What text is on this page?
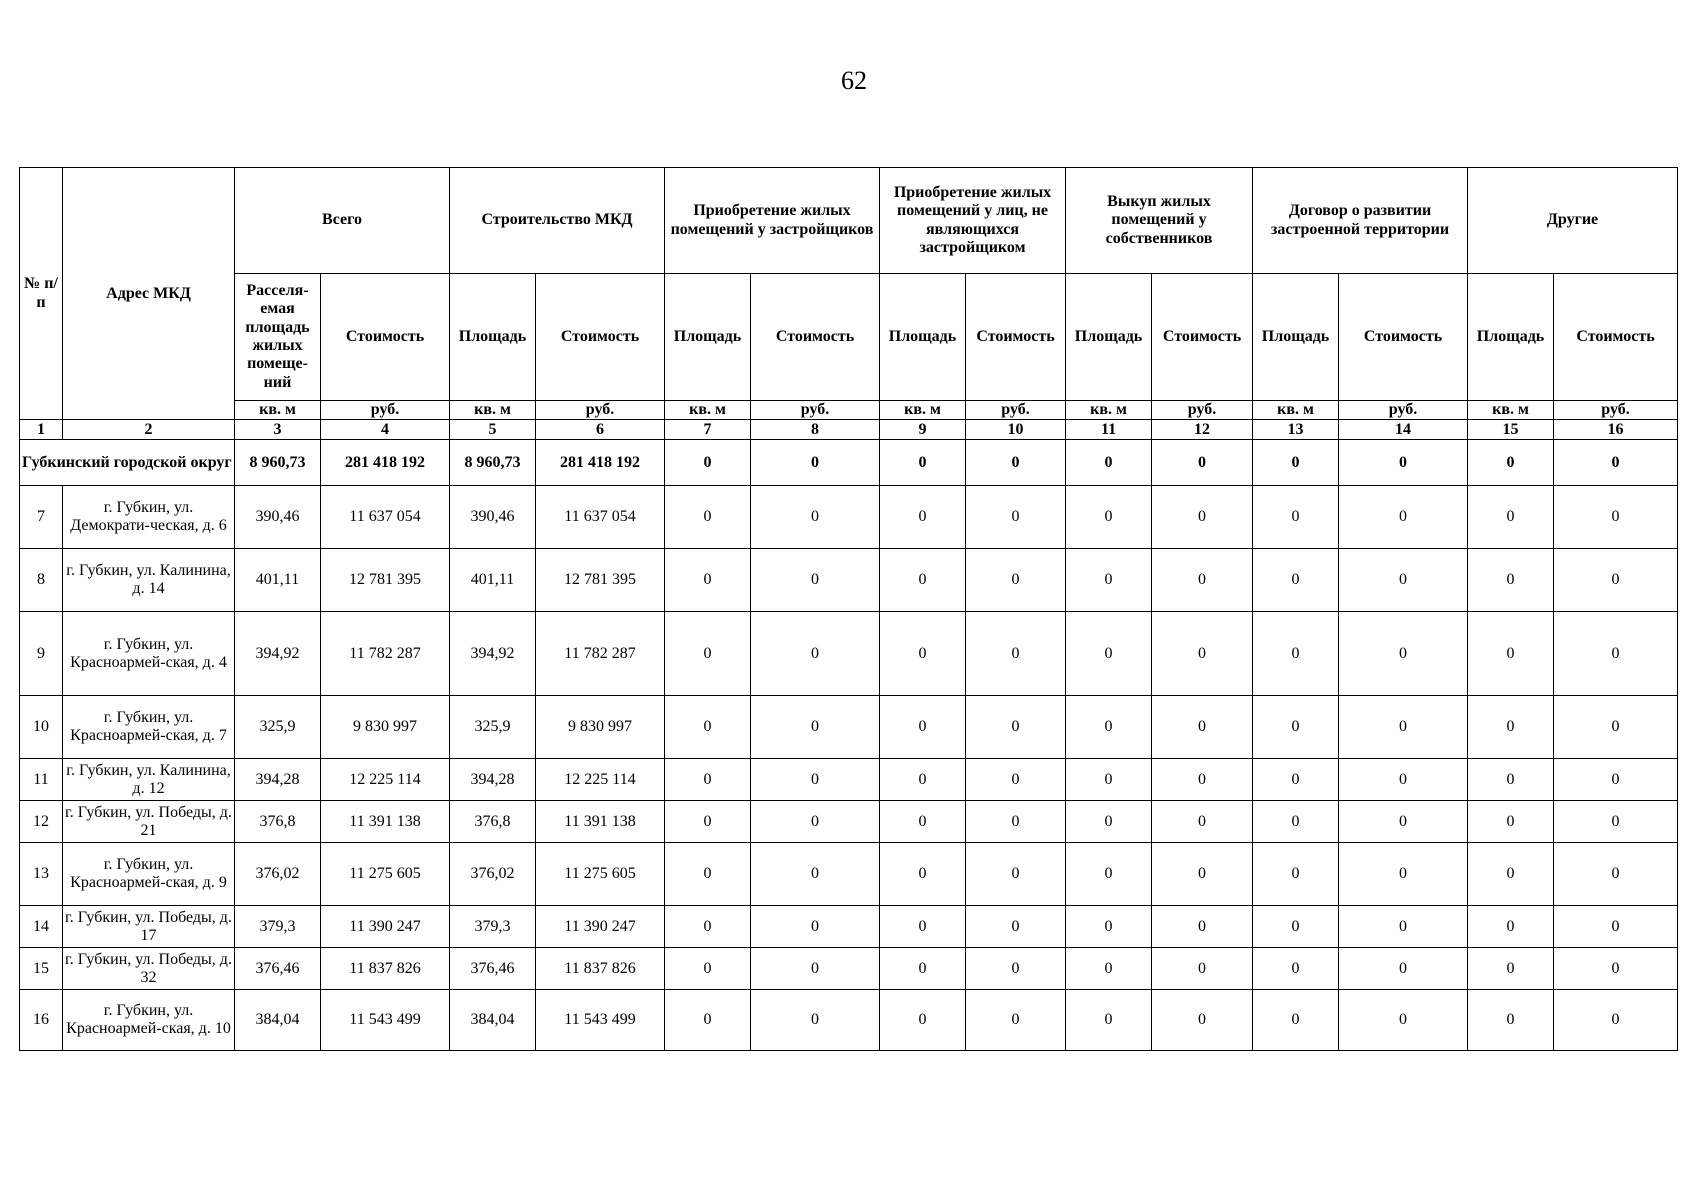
62
№ п/п	Адрес МКД	Всего		Строительство МКД		Приобретение жилых помещений у застройщиков		Приобретение жилых помещений у лиц, не являющихся застройщиком		Выкуп жилых помещений у собственников		Договор о развитии застроенной территории		Другие	
		Расселя-емая площадь жилых помеще-ний	Стоимость	Площадь	Стоимость	Площадь	Стоимость	Площадь	Стоимость	Площадь	Стоимость	Площадь	Стоимость	Площадь	Стоимость
		кв. м	руб.	кв. м	руб.	кв. м	руб.	кв. м	руб.	кв. м	руб.	кв. м	руб.	кв. м	руб.
1	2	3	4	5	6	7	8	9	10	11	12	13	14	15	16
Губкинский городской округ		8 960,73	281 418 192	8 960,73	281 418 192	0	0	0	0	0	0	0	0	0	0
7	г. Губкин, ул. Демократи-ческая, д. 6	390,46	11 637 054	390,46	11 637 054	0	0	0	0	0	0	0	0	0	0
8	г. Губкин, ул. Калинина, д. 14	401,11	12 781 395	401,11	12 781 395	0	0	0	0	0	0	0	0	0	0
9	г. Губкин, ул. Красноармей-ская, д. 4	394,92	11 782 287	394,92	11 782 287	0	0	0	0	0	0	0	0	0	0
10	г. Губкин, ул. Красноармей-ская, д. 7	325,9	9 830 997	325,9	9 830 997	0	0	0	0	0	0	0	0	0	0
11	г. Губкин, ул. Калинина, д. 12	394,28	12 225 114	394,28	12 225 114	0	0	0	0	0	0	0	0	0	0
12	г. Губкин, ул. Победы, д. 21	376,8	11 391 138	376,8	11 391 138	0	0	0	0	0	0	0	0	0	0
13	г. Губкин, ул. Красноармей-ская, д. 9	376,02	11 275 605	376,02	11 275 605	0	0	0	0	0	0	0	0	0	0
14	г. Губкин, ул. Победы, д. 17	379,3	11 390 247	379,3	11 390 247	0	0	0	0	0	0	0	0	0	0
15	г. Губкин, ул. Победы, д. 32	376,46	11 837 826	376,46	11 837 826	0	0	0	0	0	0	0	0	0	0
16	г. Губкин, ул. Красноармей-ская, д. 10	384,04	11 543 499	384,04	11 543 499	0	0	0	0	0	0	0	0	0	0
